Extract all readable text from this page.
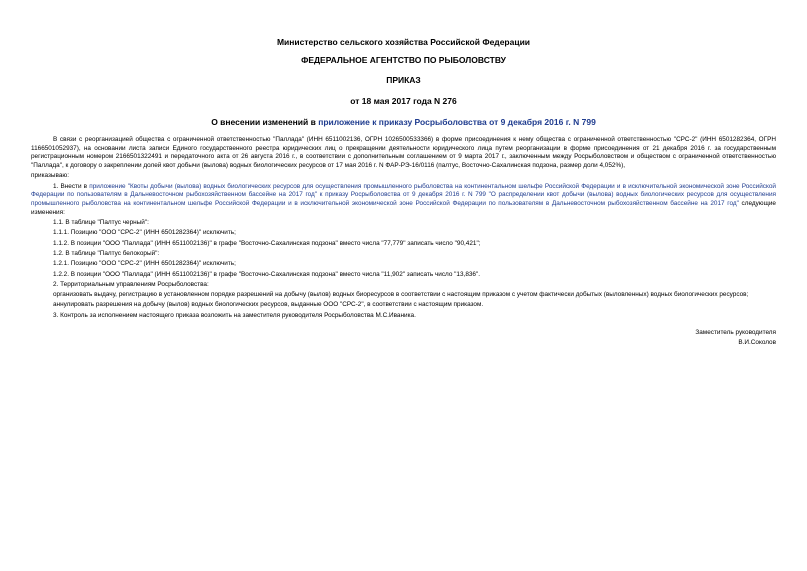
Министерство сельского хозяйства Российской Федерации

ФЕДЕРАЛЬНОЕ АГЕНТСТВО ПО РЫБОЛОВСТВУ

ПРИКАЗ

от 18 мая 2017 года N 276

О внесении изменений в приложение к приказу Росрыболовства от 9 декабря 2016 г. N 799

В связи с реорганизацией общества с ограниченной ответственностью "Паллада" (ИНН 6511002136, ОГРН 1026500533366) в форме присоединения к нему общества с ограниченной ответственностью "СРС-2" (ИНН 6501282364, ОГРН 1166501052937), на основании листа записи Единого государственного реестра юридических лиц о прекращении деятельности юридического лица путем реорганизации в форме присоединения от 21 декабря 2016 г. за государственным регистрационным номером 2166501322491 и передаточного акта от 26 августа 2016 г., в соответствии с дополнительным соглашением от 9 марта 2017 г., заключенным между Росрыболовством и обществом с ограниченной ответственностью "Паллада", к договору о закреплении долей квот добычи (вылова) водных биологических ресурсов от 17 мая 2016 г. N ФАР-РЭ-16/0116 (палтус, Восточно-Сахалинская подзона, размер доли 4,052%),

приказываю:

1. Внести в приложение "Квоты добычи (вылова) водных биологических ресурсов для осуществления промышленного рыболовства на континентальном шельфе Российской Федерации и в исключительной экономической зоне Российской Федерации по пользователям в Дальневосточном рыбохозяйственном бассейне на 2017 год" к приказу Росрыболовства от 9 декабря 2016 г. N 799 "О распределении квот добычи (вылова) водных биологических ресурсов для осуществления промышленного рыболовства на континентальном шельфе Российской Федерации и в исключительной экономической зоне Российской Федерации по пользователям в Дальневосточном рыбохозяйственном бассейне на 2017 год" следующие изменения:

1.1. В таблице "Палтус черный":

1.1.1. Позицию "ООО "СРС-2" (ИНН 6501282364)" исключить;

1.1.2. В позиции "ООО "Паллада" (ИНН 6511002136)" в графе "Восточно-Сахалинская подзона" вместо числа "77,779" записать число "90,421";

1.2. В таблице "Палтус белокорый":

1.2.1. Позицию "ООО "СРС-2" (ИНН 6501282364)" исключить;

1.2.2. В позиции "ООО "Паллада" (ИНН 6511002136)" в графе "Восточно-Сахалинская подзона" вместо числа "11,902" записать число "13,836".

2. Территориальным управлениям Росрыболовства:

организовать выдачу, регистрацию в установленном порядке разрешений на добычу (вылов) водных биоресурсов в соответствии с настоящим приказом с учетом фактически добытых (выловленных) водных биологических ресурсов;

аннулировать разрешения на добычу (вылов) водных биологических ресурсов, выданные ООО "СРС-2", в соответствии с настоящим приказом.

3. Контроль за исполнением настоящего приказа возложить на заместителя руководителя Росрыболовства М.С.Иваника.

Заместитель руководителя
В.И.Соколов
